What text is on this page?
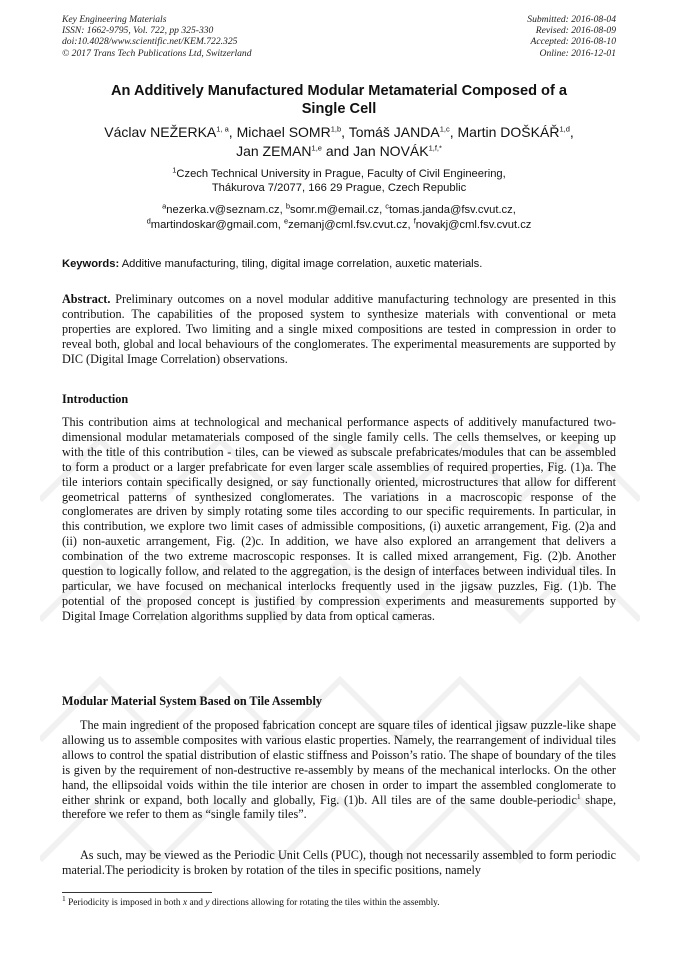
Key Engineering Materials
ISSN: 1662-9795, Vol. 722, pp 325-330
doi:10.4028/www.scientific.net/KEM.722.325
© 2017 Trans Tech Publications Ltd, Switzerland
Submitted: 2016-08-04
Revised: 2016-08-09
Accepted: 2016-08-10
Online: 2016-12-01
An Additively Manufactured Modular Metamaterial Composed of a
Single Cell
Václav NEŽERKA$^{1, a}$, Michael SOMR$^{1,b}$, Tomáš JANDA$^{1,c}$, Martin DOŠKÁŘ$^{1,d}$,
Jan ZEMAN$^{1,e}$ and Jan $NOVÁK^{1,f,*}$
$^1$Czech Technical University in Prague, Faculty of Civil Engineering,
Thákurova 7/2077, 166 29 Prague, Czech Republic
$^a$nezerka.v@seznam.cz, $^b$somr.m@email.cz, $^c$tomas.janda@fsv.cvut.cz,
$^d$martindoskar@gmail.com, $^e$zemanj@cml.fsv.cvut.cz, $^f$novakj@cml.fsv.cvut.cz
Keywords: Additive manufacturing, tiling, digital image correlation, auxetic materials.
Abstract. Preliminary outcomes on a novel modular additive manufacturing technology are presented in this contribution. The capabilities of the proposed system to synthesize materials with conventional or meta properties are explored. Two limiting and a single mixed compositions are tested in compression in order to reveal both, global and local behaviours of the conglomerates. The experimental measurements are supported by DIC (Digital Image Correlation) observations.
Introduction
This contribution aims at technological and mechanical performance aspects of additively manufactured two-dimensional modular metamaterials composed of the single family cells. The cells themselves, or keeping up with the title of this contribution - tiles, can be viewed as subscale prefabricates/modules that can be assembled to form a product or a larger prefabricate for even larger scale assemblies of required properties, Fig. (1)a. The tile interiors contain specifically designed, or say functionally oriented, microstructures that allow for different geometrical patterns of synthesized conglomerates. The variations in a macroscopic response of the conglomerates are driven by simply rotating some tiles according to our specific requirements. In particular, in this contribution, we explore two limit cases of admissible compositions, (i) auxetic arrangement, Fig. (2)a and (ii) non-auxetic arrangement, Fig. (2)c. In addition, we have also explored an arrangement that delivers a combination of the two extreme macroscopic responses. It is called mixed arrangement, Fig. (2)b. Another question to logically follow, and related to the aggregation, is the design of interfaces between individual tiles. In particular, we have focused on mechanical interlocks frequently used in the jigsaw puzzles, Fig. (1)b. The potential of the proposed concept is justified by compression experiments and measurements supported by Digital Image Correlation algorithms supplied by data from optical cameras.
Modular Material System Based on Tile Assembly
The main ingredient of the proposed fabrication concept are square tiles of identical jigsaw puzzle-like shape allowing us to assemble composites with various elastic properties. Namely, the rearrangement of individual tiles allows to control the spatial distribution of elastic stiffness and Poisson’s ratio. The shape of boundary of the tiles is given by the requirement of non-destructive re-assembly by means of the mechanical interlocks. On the other hand, the ellipsoidal voids within the tile interior are chosen in order to impart the assembled conglomerate to either shrink or expand, both locally and globally, Fig. (1)b. All tiles are of the same double-periodic$^1$ shape, therefore we refer to them as “single family tiles”.
As such, may be viewed as the Periodic Unit Cells (PUC), though not necessarily assembled to form periodic material.The periodicity is broken by rotation of the tiles in specific positions, namely
$^1$ Periodicity is imposed in both x and y directions allowing for rotating the tiles within the assembly.
